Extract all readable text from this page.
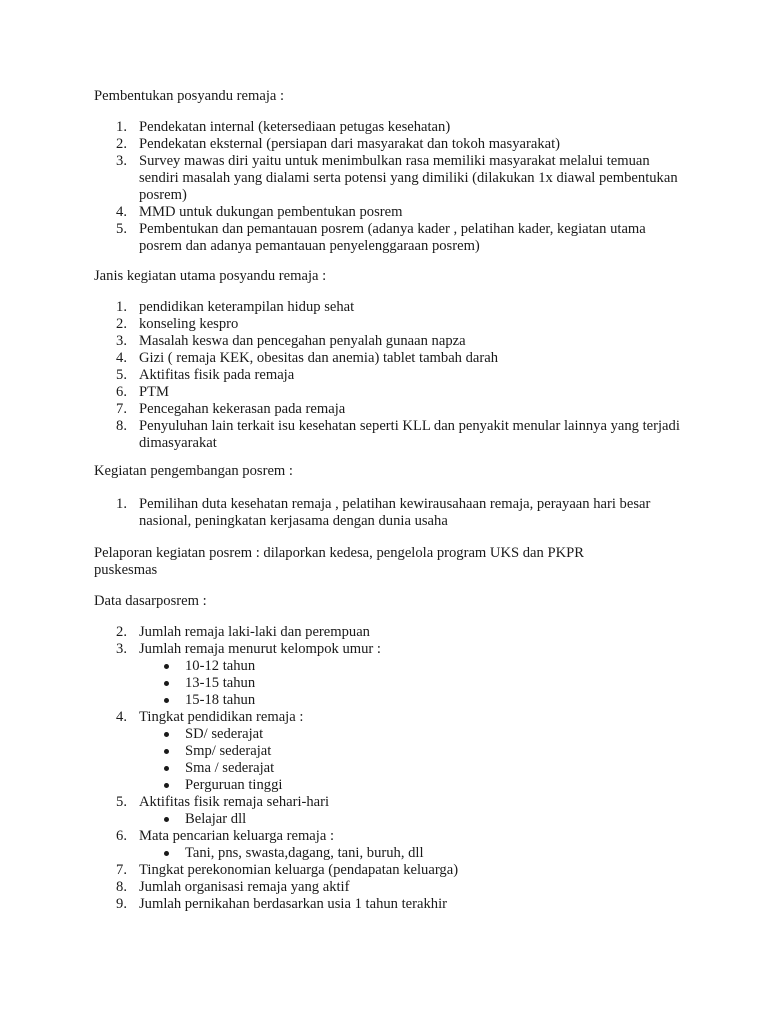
Pembentukan posyandu remaja :

1. Pendekatan internal (ketersediaan petugas kesehatan)
2. Pendekatan eksternal (persiapan dari masyarakat dan tokoh masyarakat)
3. Survey mawas diri yaitu untuk menimbulkan rasa memiliki masyarakat melalui temuan sendiri masalah yang dialami serta potensi yang dimiliki (dilakukan 1x diawal pembentukan posrem)
4. MMD untuk dukungan pembentukan posrem
5. Pembentukan dan pemantauan posrem (adanya kader , pelatihan kader, kegiatan utama posrem dan adanya pemantauan penyelenggaraan posrem)

Janis kegiatan utama posyandu remaja :

1. pendidikan keterampilan hidup sehat
2. konseling kespro
3. Masalah keswa dan pencegahan penyalah gunaan napza
4. Gizi ( remaja KEK, obesitas dan anemia) tablet tambah darah
5. Aktifitas fisik pada remaja
6. PTM
7. Pencegahan kekerasan pada remaja
8. Penyuluhan lain terkait isu kesehatan seperti KLL dan penyakit menular lainnya yang terjadi dimasyarakat

Kegiatan pengembangan posrem :

1. Pemilihan duta kesehatan remaja , pelatihan kewirausahaan remaja, perayaan hari besar nasional, peningkatan kerjasama dengan dunia usaha

Pelaporan kegiatan posrem : dilaporkan kedesa, pengelola program UKS dan PKPR puskesmas

Data dasarposrem :

2. Jumlah remaja laki-laki dan perempuan
3. Jumlah remaja menurut kelompok umur :
10-12 tahun
13-15 tahun
15-18 tahun
4. Tingkat pendidikan remaja :
SD/ sederajat
Smp/ sederajat
Sma / sederajat
Perguruan tinggi
5. Aktifitas fisik remaja sehari-hari
Belajar dll
6. Mata pencarian keluarga remaja :
Tani, pns, swasta,dagang, tani, buruh, dll
7. Tingkat perekonomian keluarga (pendapatan keluarga)
8. Jumlah organisasi remaja yang aktif
9. Jumlah pernikahan berdasarkan usia 1 tahun terakhir
